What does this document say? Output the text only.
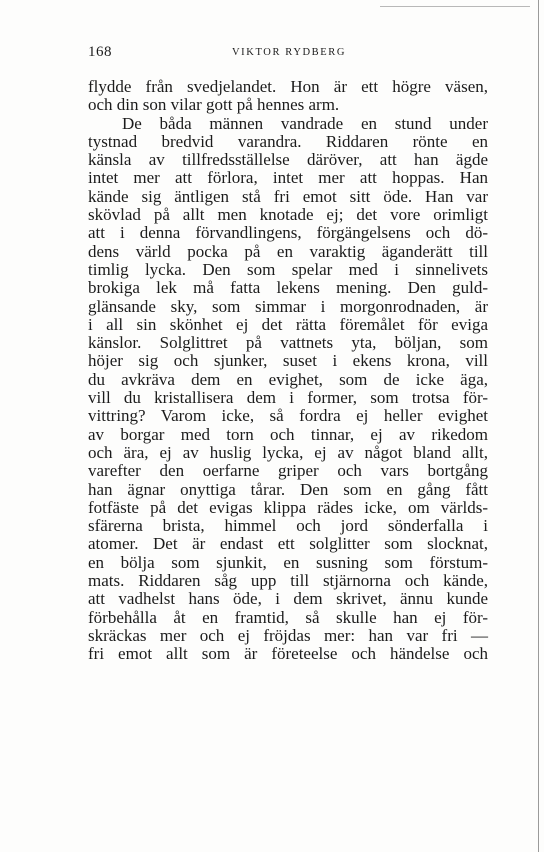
168	VIKTOR RYDBERG
flydde från svedjelandet. Hon är ett högre väsen,
och din son vilar gott på hennes arm.
De båda männen vandrade en stund under
tystnad bredvid varandra. Riddaren rönte en
känsla av tillfredsställelse däröver, att han ägde
intet mer att förlora, intet mer att hoppas. Han
kände sig äntligen stå fri emot sitt öde. Han var
skövlad på allt men knotade ej; det vore orimligt
att i denna förvandlingens, förgängelsens och dö-
dens värld pocka på en varaktig äganderätt till
timlig lycka. Den som spelar med i sinnelivets
brokiga lek må fatta lekens mening. Den guld-
glänsande sky, som simmar i morgonrodnaden, är
i all sin skönhet ej det rätta föremålet för eviga
känslor. Solglittret på vattnets yta, böljan, som
höjer sig och sjunker, suset i ekens krona, vill
du avkräva dem en evighet, som de icke äga,
vill du kristallisera dem i former, som trotsa för-
vittring? Varom icke, så fordra ej heller evighet
av borgar med torn och tinnar, ej av rikedom
och ära, ej av huslig lycka, ej av något bland allt,
varefter den oerfarne griper och vars bortgång
han ägnar onyttiga tårar. Den som en gång fått
fotfäste på det evigas klippa rädes icke, om världs-
sfärerna brista, himmel och jord sönderfalla i
atomer. Det är endast ett solglitter som slocknat,
en bölja som sjunkit, en susning som förstum-
mats. Riddaren såg upp till stjärnorna och kände,
att vadhelst hans öde, i dem skrivet, ännu kunde
förbehålla åt en framtid, så skulle han ej för-
skräckas mer och ej fröjdas mer: han var fri —
fri emot allt som är företeelse och händelse och
